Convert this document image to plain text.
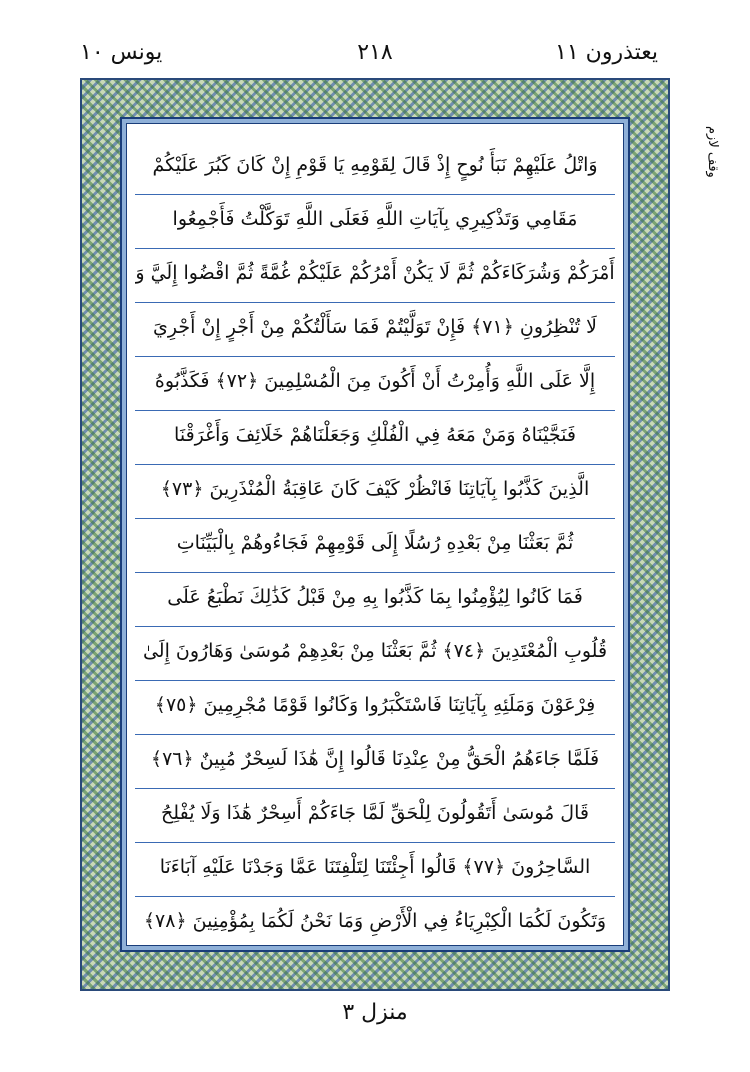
يعتذرون ١١
٢١٨
يونس ١٠
وقف لازم
وَاتْلُ عَلَيْهِمْ نَبَأَ نُوحٍ إِذْ قَالَ لِقَوْمِهِ يَا قَوْمِ إِنْ كَانَ كَبُرَ عَلَيْكُمْ
مَقَامِي وَتَذْكِيرِي بِآيَاتِ اللَّهِ فَعَلَى اللَّهِ تَوَكَّلْتُ فَأَجْمِعُوا
أَمْرَكُمْ وَشُرَكَاءَكُمْ ثُمَّ لَا يَكُنْ أَمْرُكُمْ عَلَيْكُمْ غُمَّةً ثُمَّ اقْضُوا إِلَيَّ وَ
لَا تُنْظِرُونِ ﴿٧١﴾ فَإِنْ تَوَلَّيْتُمْ فَمَا سَأَلْتُكُمْ مِنْ أَجْرٍ إِنْ أَجْرِيَ
إِلَّا عَلَى اللَّهِ وَأُمِرْتُ أَنْ أَكُونَ مِنَ الْمُسْلِمِينَ ﴿٧٢﴾ فَكَذَّبُوهُ
فَنَجَّيْنَاهُ وَمَنْ مَعَهُ فِي الْفُلْكِ وَجَعَلْنَاهُمْ خَلَائِفَ وَأَغْرَقْنَا
الَّذِينَ كَذَّبُوا بِآيَاتِنَا فَانْظُرْ كَيْفَ كَانَ عَاقِبَةُ الْمُنْذَرِينَ ﴿٧٣﴾
ثُمَّ بَعَثْنَا مِنْ بَعْدِهِ رُسُلًا إِلَى قَوْمِهِمْ فَجَاءُوهُمْ بِالْبَيِّنَاتِ
فَمَا كَانُوا لِيُؤْمِنُوا بِمَا كَذَّبُوا بِهِ مِنْ قَبْلُ كَذَٰلِكَ نَطْبَعُ عَلَى
قُلُوبِ الْمُعْتَدِينَ ﴿٧٤﴾ ثُمَّ بَعَثْنَا مِنْ بَعْدِهِمْ مُوسَىٰ وَهَارُونَ إِلَىٰ
فِرْعَوْنَ وَمَلَئِهِ بِآيَاتِنَا فَاسْتَكْبَرُوا وَكَانُوا قَوْمًا مُجْرِمِينَ ﴿٧٥﴾
فَلَمَّا جَاءَهُمُ الْحَقُّ مِنْ عِنْدِنَا قَالُوا إِنَّ هَٰذَا لَسِحْرٌ مُبِينٌ ﴿٧٦﴾
قَالَ مُوسَىٰ أَتَقُولُونَ لِلْحَقِّ لَمَّا جَاءَكُمْ أَسِحْرٌ هَٰذَا وَلَا يُفْلِحُ
السَّاحِرُونَ ﴿٧٧﴾ قَالُوا أَجِئْتَنَا لِتَلْفِتَنَا عَمَّا وَجَدْنَا عَلَيْهِ آبَاءَنَا
وَتَكُونَ لَكُمَا الْكِبْرِيَاءُ فِي الْأَرْضِ وَمَا نَحْنُ لَكُمَا بِمُؤْمِنِينَ ﴿٧٨﴾
منزل ٣
